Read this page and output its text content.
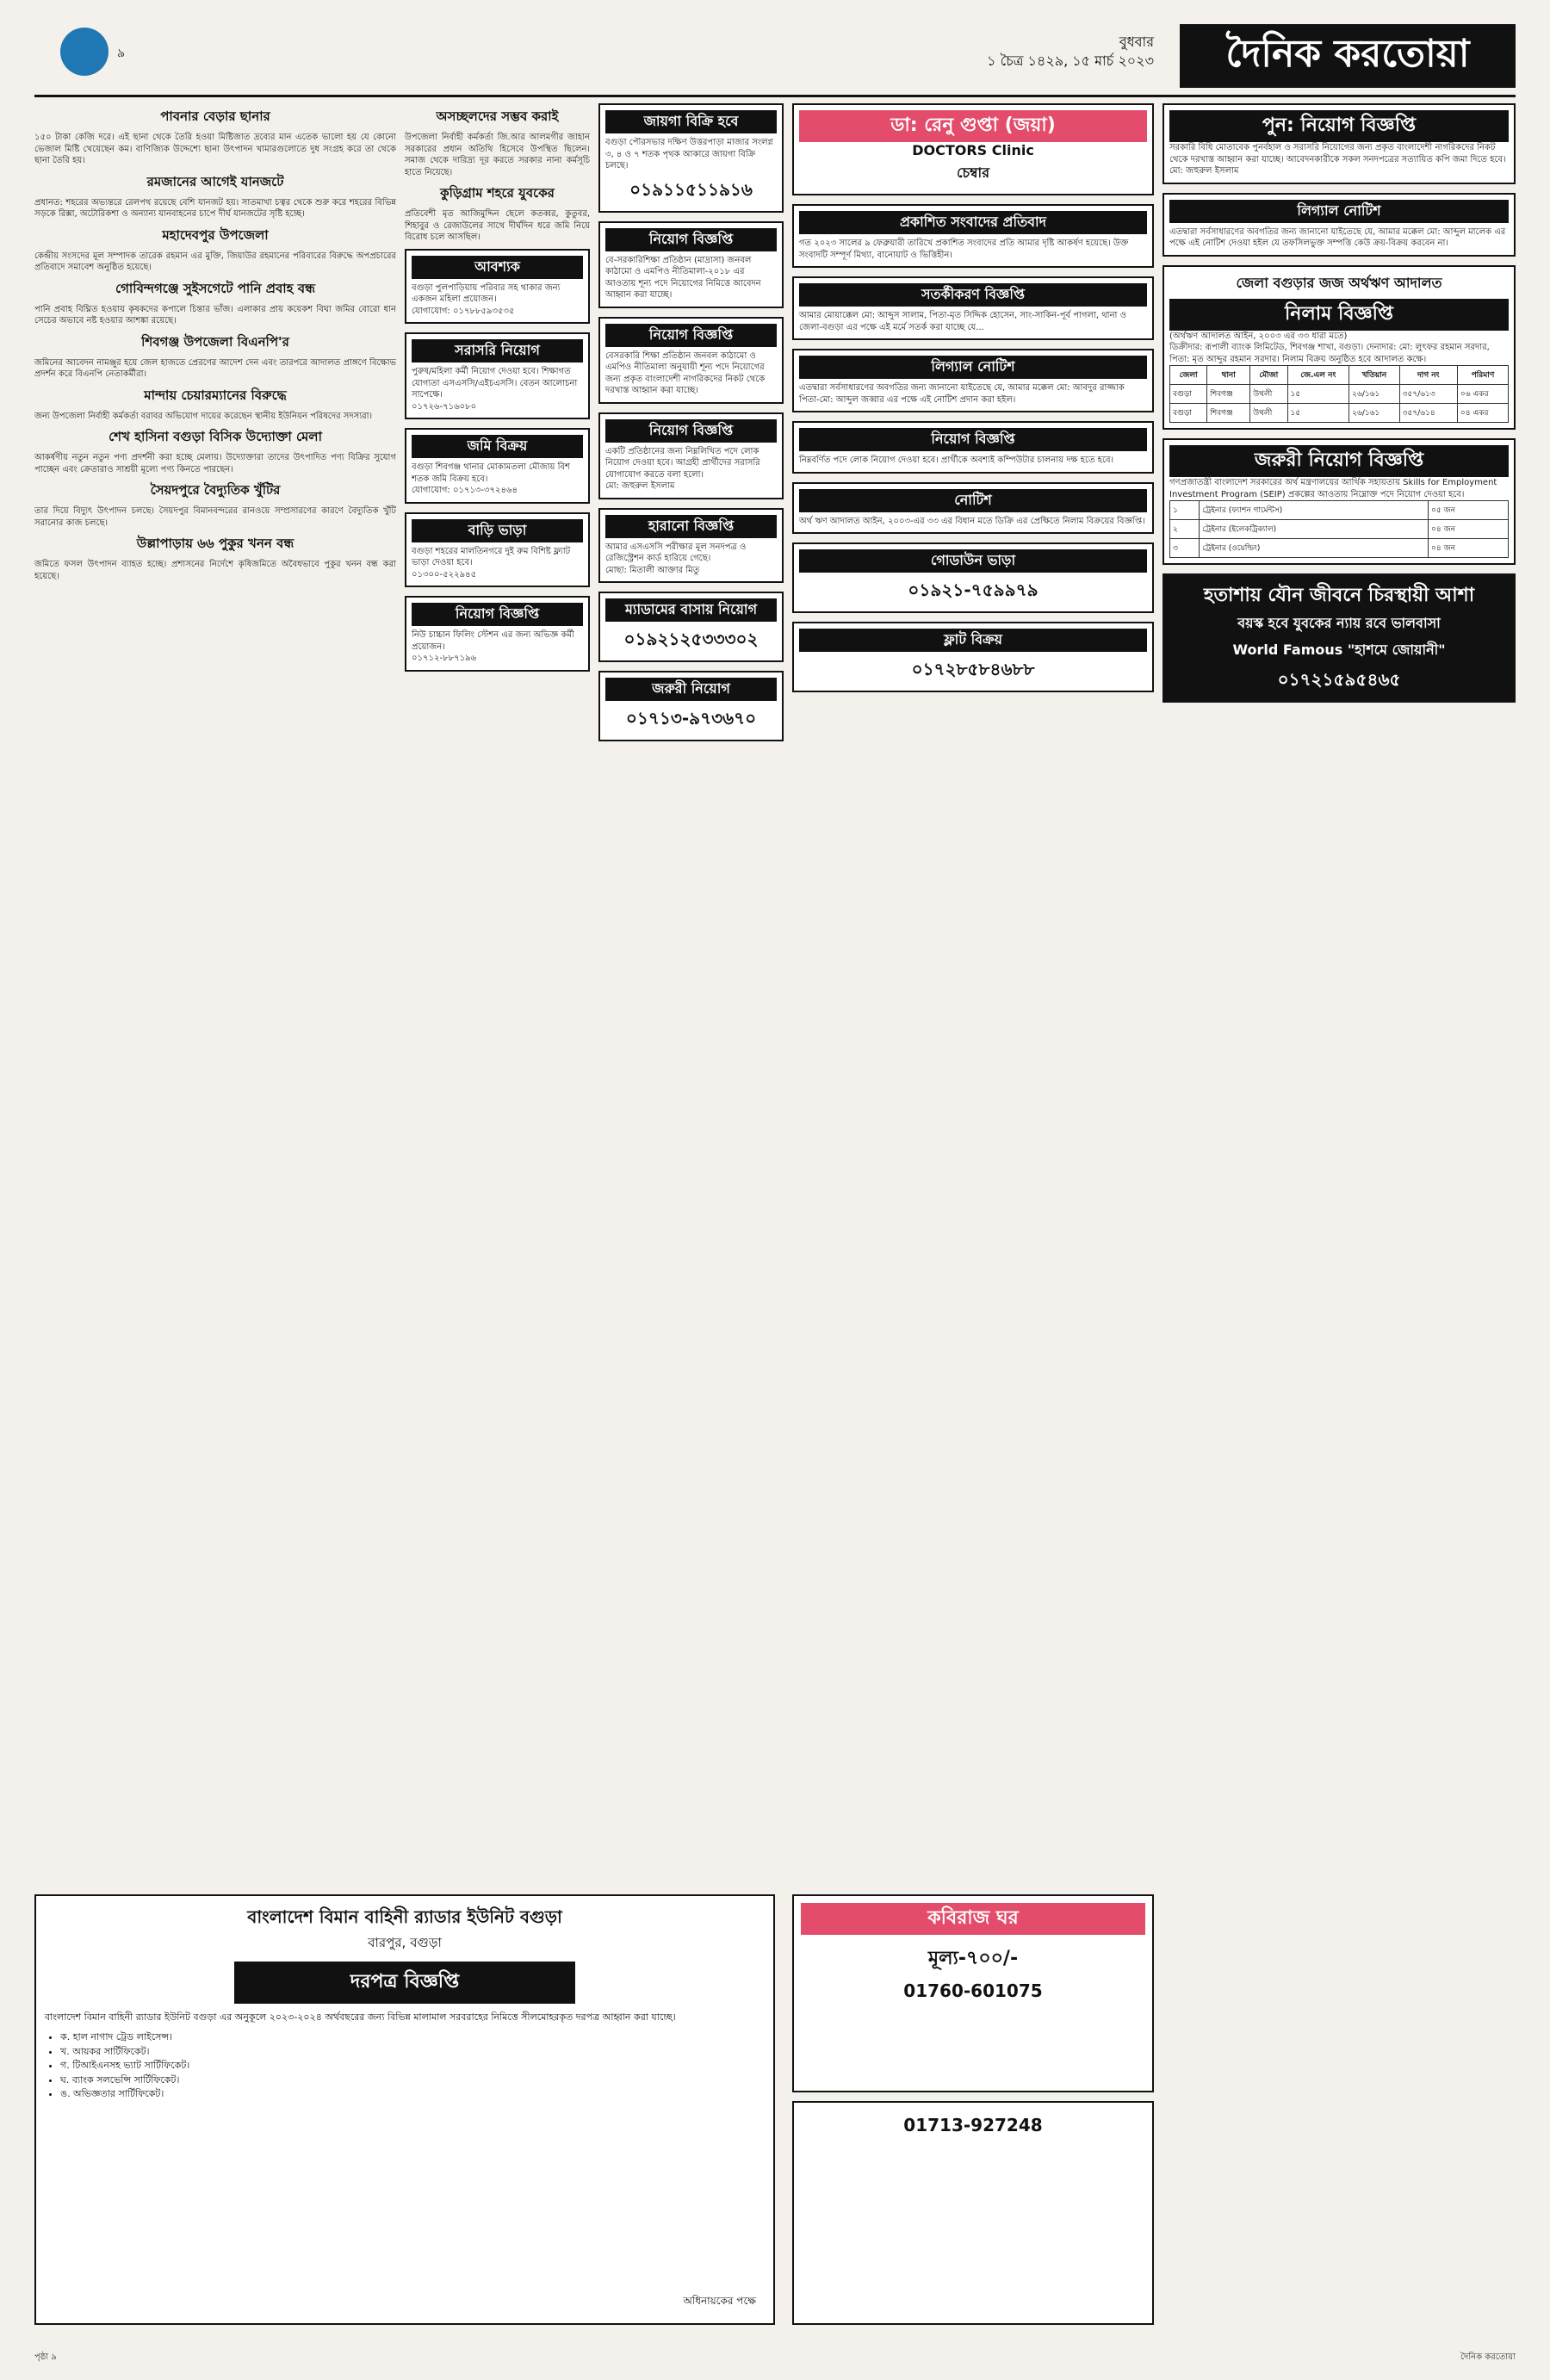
৯
বুধবার
১ চৈত্র ১৪২৯, ১৫ মার্চ ২০২৩	দৈনিক করতোয়া
পাবনার বেড়ার ছানার

১৫০ টাকা কেজি দরে। এই ছানা থেকে তৈরি হওয়া মিষ্টিজাত দ্রব্যের মান এতেক ভালো হয় যে কোনো ভেজাল মিষ্টি খেয়েছেন কম। বাণিজ্যিক উদ্দেশ্যে ছানা উৎপাদন খামারগুলোতে দুধ সংগ্রহ করে তা থেকে ছানা তৈরি হয়।

রমজানের আগেই যানজটে

প্রধানত: শহরের অভ্যন্তরে রেলপথ রয়েছে বেশি যানজট হয়। সাতমাথা চত্বর থেকে শুরু করে শহরের বিভিন্ন সড়কে রিক্সা, অটোরিকশা ও অন্যান্য যানবাহনের চাপে দীর্ঘ যানজটের সৃষ্টি হচ্ছে।

মহাদেবপুর উপজেলা

কেন্দ্রীয় সংসদের মূল সম্পাদক তারেক রহমান এর মুক্তি, জিয়াউর রহমানের পরিবারের বিরুদ্ধে অপপ্রচারের প্রতিবাদে সমাবেশ অনুষ্ঠিত হয়েছে।

গোবিন্দগঞ্জে সুইসগেটে পানি প্রবাহ বন্ধ

পানি প্রবাহ বিঘ্নিত হওয়ায় কৃষকদের কপালে চিন্তার ভাঁজ। এলাকার প্রায় কয়েকশ বিঘা জমির বোরো ধান সেচের অভাবে নষ্ট হওয়ার আশঙ্কা রয়েছে।

শিবগঞ্জ উপজেলা বিএনপি'র

জমিনের আবেদন নামঞ্জুর হয়ে জেল হাজতে প্রেরণের আদেশ দেন এবং তারপরে আদালত প্রাঙ্গণে বিক্ষোভ প্রদর্শন করে বিএনপি নেতাকর্মীরা।

মান্দায় চেয়ারম্যানের বিরুদ্ধে

জন্য উপজেলা নির্বাহী কর্মকর্তা বরাবর অভিযোগ দায়ের করেছেন স্থানীয় ইউনিয়ন পরিষদের সদস্যরা।

শেখ হাসিনা বগুড়া বিসিক উদ্যোক্তা মেলা

আকর্ষণীয় নতুন নতুন পণ্য প্রদর্শনী করা হচ্ছে মেলায়। উদ্যোক্তারা তাদের উৎপাদিত পণ্য বিক্রির সুযোগ পাচ্ছেন এবং ক্রেতারাও সাশ্রয়ী মূল্যে পণ্য কিনতে পারছেন।

সৈয়দপুরে বৈদ্যুতিক খুঁটির

তার দিয়ে বিদ্যুৎ উৎপাদন চলছে। সৈয়দপুর বিমানবন্দরের রানওয়ে সম্প্রসারণের কারণে বৈদ্যুতিক খুঁটি সরানোর কাজ চলছে।

উল্লাপাড়ায় ৬৬ পুকুর খনন বন্ধ

জমিতে ফসল উৎপাদন ব্যাহত হচ্ছে। প্রশাসনের নির্দেশে কৃষিজমিতে অবৈধভাবে পুকুর খনন বন্ধ করা হয়েছে।

অসচ্ছলদের সম্ভব করাই

উপজেলা নির্বাহী কর্মকর্তা জি.আর আলমগীর জাহান সরকারের প্রধান অতিথি হিসেবে উপস্থিত ছিলেন। সমাজ থেকে দারিদ্র্য দূর করতে সরকার নানা কর্মসূচি হাতে নিয়েছে।

কুড়িগ্রাম শহরে যুবকের

প্রতিবেশী মৃত আজিমুদ্দিন ছেলে কতব্বর, কুতুবর, শিহাবুর ও রেজাউলের সাথে দীর্ঘদিন ধরে জমি নিয়ে বিরোধ চলে আসছিল।

আবশ্যক
বগুড়া পুলপাড়িয়ায় পরিবার সহ থাকার জন্য একজন মহিলা প্রয়োজন।
যোগাযোগ: ০১৭৮৮৫৯৩৫৩৫
সরাসরি নিয়োগ
পুরুষ/মহিলা কর্মী নিয়োগ দেওয়া হবে। শিক্ষাগত যোগ্যতা এসএসসি/এইচএসসি। বেতন আলোচনা সাপেক্ষে।
০১৭২৬-৭১৬০৮০
জমি বিক্রয়
বগুড়া শিবগঞ্জ থানার মোকামতলা মৌজায় বিশ শতক জমি বিক্রয় হবে।
যোগাযোগ: ০১৭১৩-৩৭২৪৬৪
বাড়ি ভাড়া
বগুড়া শহরের মালতিনগরে দুই রুম বিশিষ্ট ফ্ল্যাট ভাড়া দেওয়া হবে।
০১৩০০-৫২২৯৪৫
নিয়োগ বিজ্ঞপ্তি
নিউ চাচ্চান ফিলিং স্টেশন এর জন্য অভিজ্ঞ কর্মী প্রয়োজন।
০১৭১২-৮৮৭১৯৬
জায়গা বিক্রি হবে
বগুড়া পৌরসভার দক্ষিণ উত্তরপাড়া মাজার সংলগ্ন ৩, ৪ ও ৭ শতক পৃথক আকারে জায়গা বিক্রি চলছে।
০১৯১১৫১১৯১৬
নিয়োগ বিজ্ঞপ্তি
বে-সরকারিশিক্ষা প্রতিষ্ঠান (মাদ্রাসা) জনবল কাঠামো ও এমপিও নীতিমালা-২০১৮ এর আওতায় শূন্য পদে নিয়োগের নিমিত্তে আবেদন আহ্বান করা যাচ্ছে।
নিয়োগ বিজ্ঞপ্তি
বেসরকারি শিক্ষা প্রতিষ্ঠান জনবল কাঠামো ও এমপিও নীতিমালা অনুযায়ী শূন্য পদে নিয়োগের জন্য প্রকৃত বাংলাদেশী নাগরিকদের নিকট থেকে দরখাস্ত আহ্বান করা যাচ্ছে।
নিয়োগ বিজ্ঞপ্তি
একটি প্রতিষ্ঠানের জন্য নিম্নলিখিত পদে লোক নিয়োগ দেওয়া হবে। আগ্রহী প্রার্থীদের সরাসরি যোগাযোগ করতে বলা হলো।
মো: জহুরুল ইসলাম
হারানো বিজ্ঞপ্তি
আমার এসএসসি পরীক্ষার মূল সনদপত্র ও রেজিস্ট্রেশন কার্ড হারিয়ে গেছে।
মোছা: মিতালী আক্তার মিতু
ম্যাডামের বাসায় নিয়োগ
০১৯২১২৫৩৩৩০২
জরুরী নিয়োগ
০১৭১৩-৯৭৩৬৭০
ডা: রেনু গুপ্তা (জয়া)
DOCTORS Clinic
চেম্বার
প্রকাশিত সংবাদের প্রতিবাদ
গত ২০২৩ সালের ৯ ফেব্রুয়ারী তারিখে প্রকাশিত সংবাদের প্রতি আমার দৃষ্টি আকর্ষণ হয়েছে। উক্ত সংবাদটি সম্পূর্ণ মিথ্যা, বানোয়াট ও ভিত্তিহীন।
সতর্কীকরণ বিজ্ঞপ্তি
আমার মোয়াক্কেল মো: আব্দুস সালাম, পিতা-মৃত সিদ্দিক হোসেন, সাং-সাকিন-পূর্ব পাগলা, থানা ও জেলা-বগুড়া এর পক্ষে এই মর্মে সতর্ক করা যাচ্ছে যে...
লিগ্যাল নোটিশ
এতদ্বারা সর্বসাধারণের অবগতির জন্য জানানো যাইতেছে যে, আমার মক্কেল মো: আবদুর রাজ্জাক পিতা-মো: আব্দুল জব্বার এর পক্ষে এই নোটিশ প্রদান করা হইল।
নিয়োগ বিজ্ঞপ্তি
নিম্নবর্ণিত পদে লোক নিয়োগ দেওয়া হবে। প্রার্থীকে অবশ্যই কম্পিউটার চালনায় দক্ষ হতে হবে।
নোটিশ
অর্থ ঋণ আদালত আইন, ২০০৩-এর ৩৩ এর বিধান মতে ডিক্রি এর প্রেক্ষিতে নিলাম বিক্রয়ের বিজ্ঞপ্তি।
গোডাউন ভাড়া
০১৯২১-৭৫৯৯৭৯
ফ্লাট বিক্রয়
০১৭২৮৫৮৪৬৮৮
পুন: নিয়োগ বিজ্ঞপ্তি
সরকারি বিধি মোতাবেক পুনর্বহাল ও সরাসরি নিয়োগের জন্য প্রকৃত বাংলাদেশী নাগরিকদের নিকট থেকে দরখাস্ত আহ্বান করা যাচ্ছে। আবেদনকারীকে সকল সনদপত্রের সত্যায়িত কপি জমা দিতে হবে।
মো: জহুরুল ইসলাম
লিগ্যাল নোটিশ
এতদ্বারা সর্বসাধারণের অবগতির জন্য জানানো যাইতেছে যে, আমার মক্কেল মো: আব্দুল মালেক এর পক্ষে এই নোটিশ দেওয়া হইল যে তফসিলভুক্ত সম্পত্তি কেউ ক্রয়-বিক্রয় করবেন না।
জেলা বগুড়ার জজ অর্থঋণ আদালত
নিলাম বিজ্ঞপ্তি
(অর্থঋণ আদালত আইন, ২০০৩ এর ৩৩ ধারা মতে)
ডিক্রীদার: রূপালী ব্যাংক লিমিটেড, শিবগঞ্জ শাখা, বগুড়া। দেনাদার: মো: লুৎফর রহমান সরদার, পিতা: মৃত আব্দুর রহমান সরদার। নিলাম বিক্রয় অনুষ্ঠিত হবে আদালত কক্ষে।
জেলা	থানা	মৌজা	জে.এল নং	খতিয়ান	দাগ নং	পরিমাণ
বগুড়া	শিবগঞ্জ	উথলী	১৫	২৬/১৬১	৩৫৭/৬১৩	০৬ একর
বগুড়া	শিবগঞ্জ	উথলী	১৫	২৬/১৬১	৩৫৭/৬১৪	০৪ একর
জরুরী নিয়োগ বিজ্ঞপ্তি
গণপ্রজাতন্ত্রী বাংলাদেশ সরকারের অর্থ মন্ত্রণালয়ের আর্থিক সহায়তায় Skills for Employment Investment Program (SEIP) প্রকল্পের আওতায় নিম্নোক্ত পদে নিয়োগ দেওয়া হবে।
১	ট্রেইনার (ফ্যাশন গার্মেন্টস)	০৫ জন
২	ট্রেইনার (ইলেকট্রিক্যাল)	০৪ জন
৩	ট্রেইনার (ওয়েল্ডিং)	০৪ জন
হতাশায় যৌন জীবনে চিরস্থায়ী আশা
বয়স্ক হবে যুবকের ন্যায় রবে ভালবাসা
World Famous "হাশমে জোয়ানী"
০১৭২১৫৯৫৪৬৫
বাংলাদেশ বিমান বাহিনী র‍্যাডার ইউনিট বগুড়া
বারপুর, বগুড়া
দরপত্র বিজ্ঞপ্তি
বাংলাদেশ বিমান বাহিনী র‍্যাডার ইউনিট বগুড়া এর অনুকূলে ২০২৩-২০২৪ অর্থবছরের জন্য বিভিন্ন মালামাল সরবরাহের নিমিত্তে সীলমোহরকৃত দরপত্র আহ্বান করা যাচ্ছে।
• ক. হাল নাগাদ ট্রেড লাইসেন্স।
• খ. আয়কর সার্টিফিকেট।
• গ. টিআইএনসহ ভ্যাট সার্টিফিকেট।
• ঘ. ব্যাংক সলভেন্সি সার্টিফিকেট।
• ঙ. অভিজ্ঞতার সার্টিফিকেট।
অধিনায়কের পক্ষে
কবিরাজ ঘর
মূল্য-৭০০/-
01760-601075
01713-927248
পৃষ্ঠা ৯	দৈনিক করতোয়া
